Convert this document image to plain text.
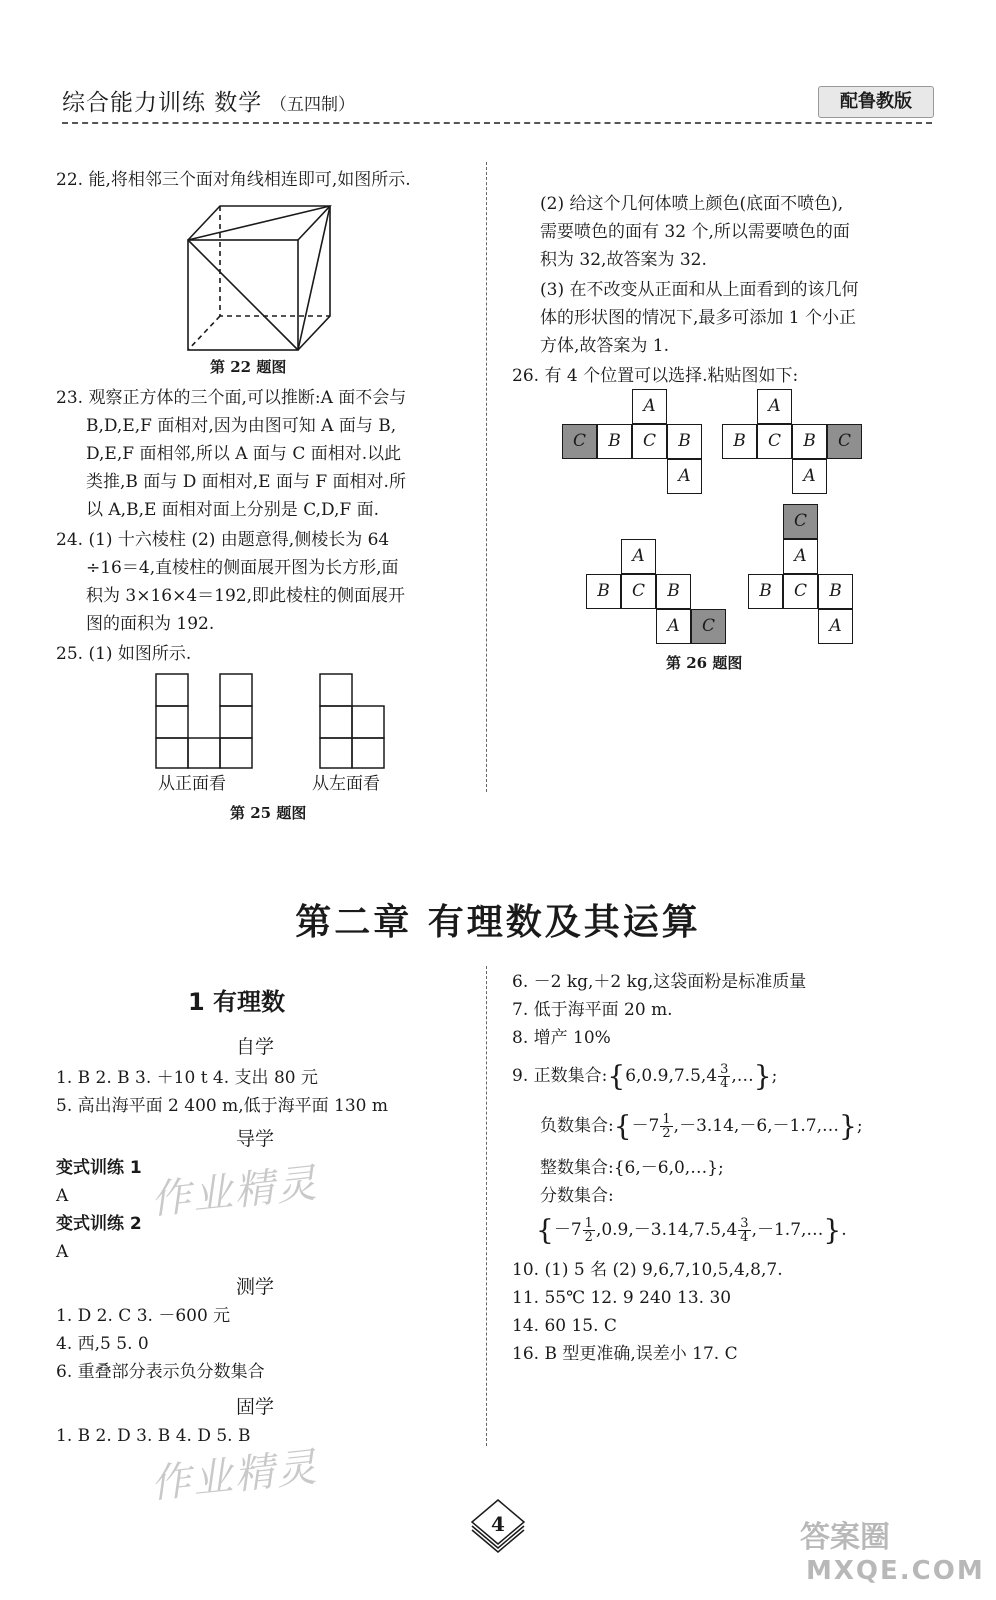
综合能力训练 数学 （五四制）	配鲁教版
22. 能,将相邻三个面对角线相连即可,如图所示.
第 22 题图
23. 观察正方体的三个面,可以推断:A 面不会与
B,D,E,F 面相对,因为由图可知 A 面与 B,
D,E,F 面相邻,所以 A 面与 C 面相对.以此
类推,B 面与 D 面相对,E 面与 F 面相对.所
以 A,B,E 面相对面上分别是 C,D,F 面.
24. (1) 十六棱柱 (2) 由题意得,侧棱长为 64
÷16＝4,直棱柱的侧面展开图为长方形,面
积为 3×16×4＝192,即此棱柱的侧面展开
图的面积为 192.
25. (1) 如图所示.
从正面看	从左面看
第 25 题图
(2) 给这个几何体喷上颜色(底面不喷色),
需要喷色的面有 32 个,所以需要喷色的面
积为 32,故答案为 32.
(3) 在不改变从正面和从上面看到的该几何
体的形状图的情况下,最多可添加 1 个小正
方体,故答案为 1.
26. 有 4 个位置可以选择.粘贴图如下:
A
C	B	C	B
A
A
B	C	B	C
A
A
B	C	B
A	C
C
A
B	C	B
A
第 26 题图
第二章 有理数及其运算
1 有理数
自学
1. B 2. B 3. ＋10 t 4. 支出 80 元
5. 高出海平面 2 400 m,低于海平面 130 m
导学
变式训练 1
A
变式训练 2
A
测学
1. D 2. C 3. －600 元
4. 西,5 5. 0
6. 重叠部分表示负分数集合
固学
1. B 2. D 3. B 4. D 5. B
作业精灵
作业精灵
6. －2 kg,＋2 kg,这袋面粉是标准质量
7. 低于海平面 20 m.
8. 增产 10%
9. 正数集合:{6,0.9,7.5,4 $\frac{3}{4}$ ,…};
负数集合:{－7 $\frac{1}{2}$ ,－3.14,－6,－1.7,…};
整数集合:{6,－6,0,…};
分数集合:
{$-7 \frac{1}{2} ,0.9,-3.14,7.5,4 \frac{3}{4}$ ,－1.7,…}.
10. (1) 5 名 (2) 9,6,7,10,5,4,8,7.
11. 55℃ 12. 9 240 13. 30
14. 60 15. C
16. B 型更准确,误差小 17. C
4	答案圈
MXQE.COM
